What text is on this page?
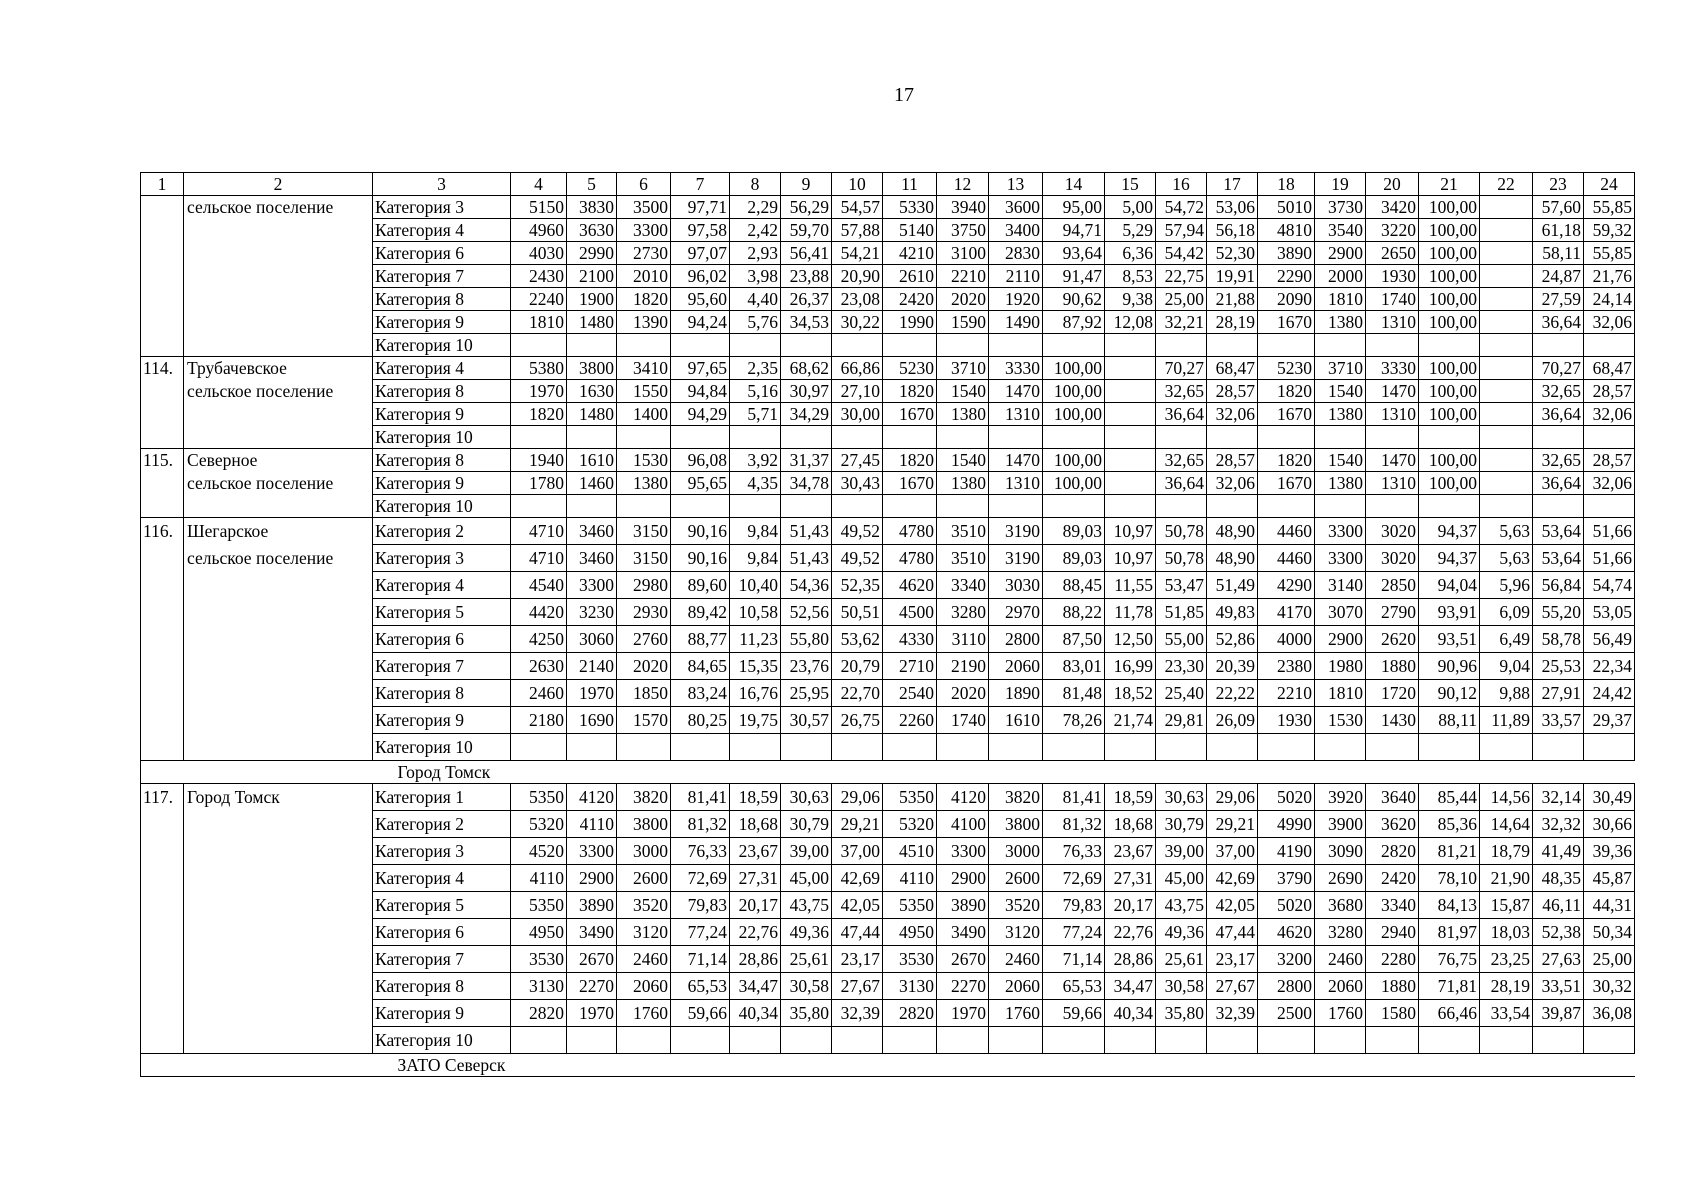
17
1	2	3	4	5	6	7	8	9	10	11	12	13	14	15	16	17	18	19	20	21	22	23	24
	сельское поселение	Категория 3	5150	3830	3500	97,71	2,29	56,29	54,57	5330	3940	3600	95,00	5,00	54,72	53,06	5010	3730	3420	100,00		57,60	55,85
		Категория 4	4960	3630	3300	97,58	2,42	59,70	57,88	5140	3750	3400	94,71	5,29	57,94	56,18	4810	3540	3220	100,00		61,18	59,32
		Категория 6	4030	2990	2730	97,07	2,93	56,41	54,21	4210	3100	2830	93,64	6,36	54,42	52,30	3890	2900	2650	100,00		58,11	55,85
		Категория 7	2430	2100	2010	96,02	3,98	23,88	20,90	2610	2210	2110	91,47	8,53	22,75	19,91	2290	2000	1930	100,00		24,87	21,76
		Категория 8	2240	1900	1820	95,60	4,40	26,37	23,08	2420	2020	1920	90,62	9,38	25,00	21,88	2090	1810	1740	100,00		27,59	24,14
		Категория 9	1810	1480	1390	94,24	5,76	34,53	30,22	1990	1590	1490	87,92	12,08	32,21	28,19	1670	1380	1310	100,00		36,64	32,06
		Категория 10																					
114.	Трубачевское	Категория 4	5380	3800	3410	97,65	2,35	68,62	66,86	5230	3710	3330	100,00		70,27	68,47	5230	3710	3330	100,00		70,27	68,47
	сельское поселение	Категория 8	1970	1630	1550	94,84	5,16	30,97	27,10	1820	1540	1470	100,00		32,65	28,57	1820	1540	1470	100,00		32,65	28,57
		Категория 9	1820	1480	1400	94,29	5,71	34,29	30,00	1670	1380	1310	100,00		36,64	32,06	1670	1380	1310	100,00		36,64	32,06
		Категория 10																					
115.	Северное	Категория 8	1940	1610	1530	96,08	3,92	31,37	27,45	1820	1540	1470	100,00		32,65	28,57	1820	1540	1470	100,00		32,65	28,57
	сельское поселение	Категория 9	1780	1460	1380	95,65	4,35	34,78	30,43	1670	1380	1310	100,00		36,64	32,06	1670	1380	1310	100,00		36,64	32,06
		Категория 10																					
116.	Шегарское	Категория 2	4710	3460	3150	90,16	9,84	51,43	49,52	4780	3510	3190	89,03	10,97	50,78	48,90	4460	3300	3020	94,37	5,63	53,64	51,66
	сельское поселение	Категория 3	4710	3460	3150	90,16	9,84	51,43	49,52	4780	3510	3190	89,03	10,97	50,78	48,90	4460	3300	3020	94,37	5,63	53,64	51,66
		Категория 4	4540	3300	2980	89,60	10,40	54,36	52,35	4620	3340	3030	88,45	11,55	53,47	51,49	4290	3140	2850	94,04	5,96	56,84	54,74
		Категория 5	4420	3230	2930	89,42	10,58	52,56	50,51	4500	3280	2970	88,22	11,78	51,85	49,83	4170	3070	2790	93,91	6,09	55,20	53,05
		Категория 6	4250	3060	2760	88,77	11,23	55,80	53,62	4330	3110	2800	87,50	12,50	55,00	52,86	4000	2900	2620	93,51	6,49	58,78	56,49
		Категория 7	2630	2140	2020	84,65	15,35	23,76	20,79	2710	2190	2060	83,01	16,99	23,30	20,39	2380	1980	1880	90,96	9,04	25,53	22,34
		Категория 8	2460	1970	1850	83,24	16,76	25,95	22,70	2540	2020	1890	81,48	18,52	25,40	22,22	2210	1810	1720	90,12	9,88	27,91	24,42
		Категория 9	2180	1690	1570	80,25	19,75	30,57	26,75	2260	1740	1610	78,26	21,74	29,81	26,09	1930	1530	1430	88,11	11,89	33,57	29,37
		Категория 10																					
		Город Томск																					
117.	Город Томск	Категория 1	5350	4120	3820	81,41	18,59	30,63	29,06	5350	4120	3820	81,41	18,59	30,63	29,06	5020	3920	3640	85,44	14,56	32,14	30,49
		Категория 2	5320	4110	3800	81,32	18,68	30,79	29,21	5320	4100	3800	81,32	18,68	30,79	29,21	4990	3900	3620	85,36	14,64	32,32	30,66
		Категория 3	4520	3300	3000	76,33	23,67	39,00	37,00	4510	3300	3000	76,33	23,67	39,00	37,00	4190	3090	2820	81,21	18,79	41,49	39,36
		Категория 4	4110	2900	2600	72,69	27,31	45,00	42,69	4110	2900	2600	72,69	27,31	45,00	42,69	3790	2690	2420	78,10	21,90	48,35	45,87
		Категория 5	5350	3890	3520	79,83	20,17	43,75	42,05	5350	3890	3520	79,83	20,17	43,75	42,05	5020	3680	3340	84,13	15,87	46,11	44,31
		Категория 6	4950	3490	3120	77,24	22,76	49,36	47,44	4950	3490	3120	77,24	22,76	49,36	47,44	4620	3280	2940	81,97	18,03	52,38	50,34
		Категория 7	3530	2670	2460	71,14	28,86	25,61	23,17	3530	2670	2460	71,14	28,86	25,61	23,17	3200	2460	2280	76,75	23,25	27,63	25,00
		Категория 8	3130	2270	2060	65,53	34,47	30,58	27,67	3130	2270	2060	65,53	34,47	30,58	27,67	2800	2060	1880	71,81	28,19	33,51	30,32
		Категория 9	2820	1970	1760	59,66	40,34	35,80	32,39	2820	1970	1760	59,66	40,34	35,80	32,39	2500	1760	1580	66,46	33,54	39,87	36,08
		Категория 10																					
		ЗАТО Северск																					
